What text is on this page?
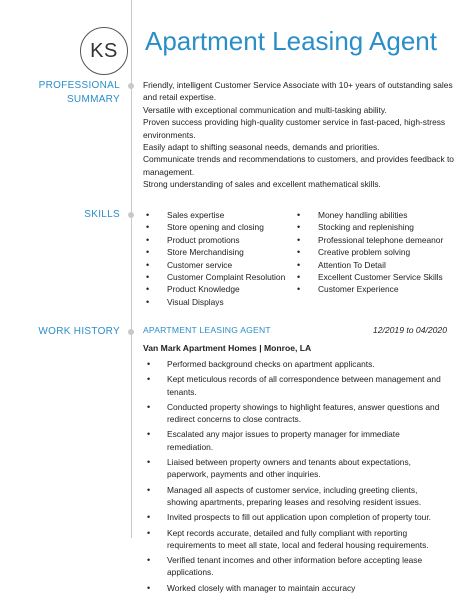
KS	Apartment Leasing Agent
PROFESSIONAL
SUMMARY

Friendly, intelligent Customer Service Associate with 10+ years of outstanding sales and retail expertise.

Versatile with exceptional communication and multi-tasking ability.

Proven success providing high-quality customer service in fast-paced, high-stress environments.

Easily adapt to shifting seasonal needs, demands and priorities.

Communicate trends and recommendations to customers, and provides feedback to management.

Strong understanding of sales and excellent mathematical skills.

SKILLS
•	Sales expertise
• Store opening and closing
• Product promotions
• Store Merchandising
• Customer service
• Customer Complaint Resolution
• Product Knowledge
• Visual Displays
• Money handling abilities
• Stocking and replenishing
• Professional telephone demeanor
• Creative problem solving
• Attention To Detail
• Excellent Customer Service Skills
• Customer Experience
WORK HISTORY	APARTMENT LEASING AGENT	12/2019 to 04/2020
Van Mark Apartment Homes | Monroe, LA
• Performed background checks on apartment applicants.
• Kept meticulous records of all correspondence between management and tenants.
• Conducted property showings to highlight features, answer questions and redirect concerns to close contracts.
• Escalated any major issues to property manager for immediate remediation.
• Liaised between property owners and tenants about expectations, paperwork, payments and other inquiries.
• Managed all aspects of customer service, including greeting clients, showing apartments, preparing leases and resolving resident issues.
• Invited prospects to fill out application upon completion of property tour.
• Kept records accurate, detailed and fully compliant with reporting requirements to meet all state, local and federal housing requirements.
• Verified tenant incomes and other information before accepting lease applications.
• Worked closely with manager to maintain accuracy
